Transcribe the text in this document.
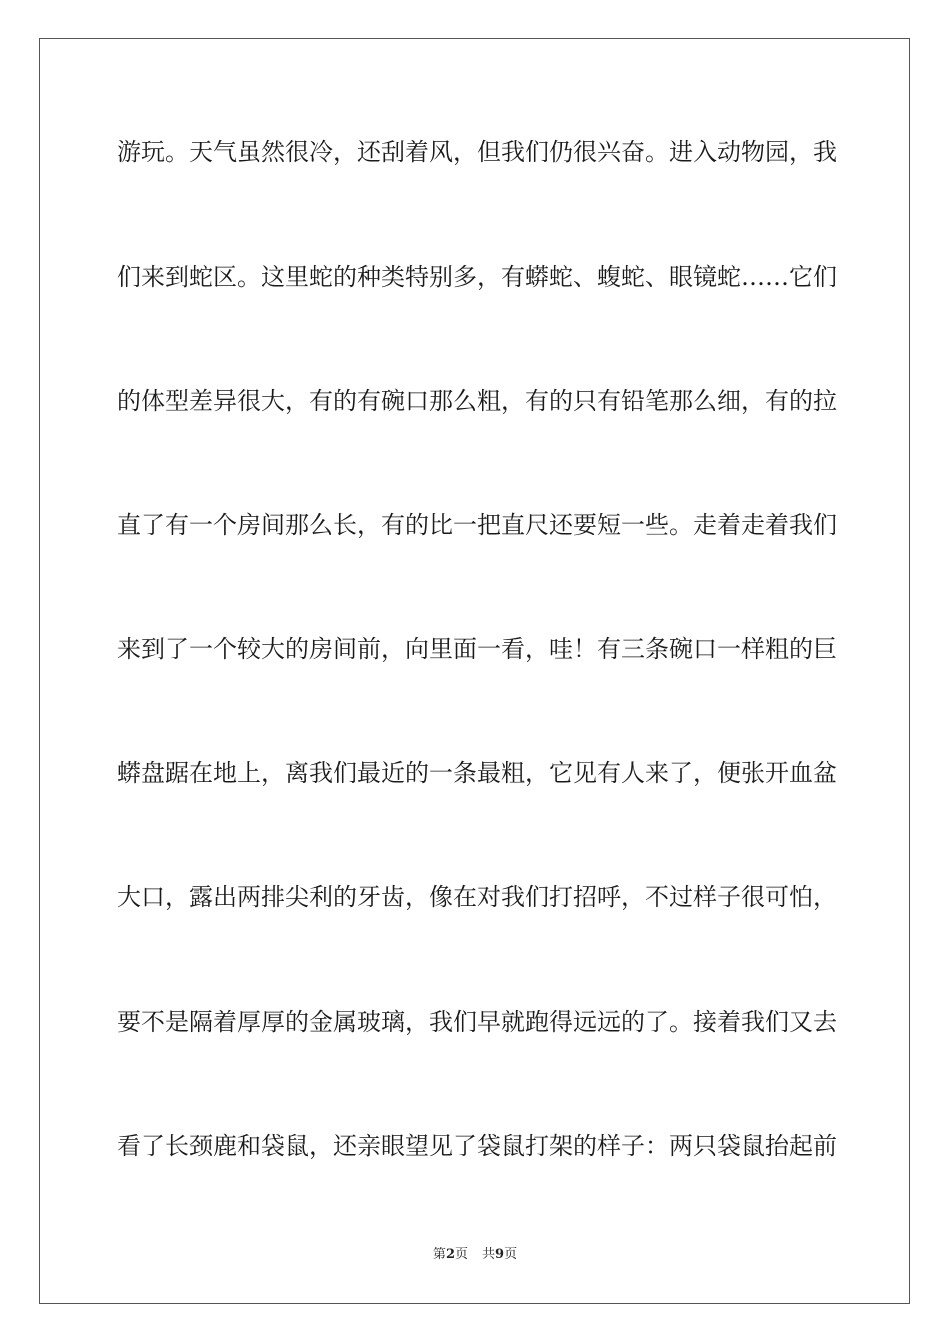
游玩。天气虽然很冷，还刮着风，但我们仍很兴奋。进入动物园，我
们来到蛇区。这里蛇的种类特别多，有蟒蛇、蝮蛇、眼镜蛇……它们
的体型差异很大，有的有碗口那么粗，有的只有铅笔那么细，有的拉
直了有一个房间那么长，有的比一把直尺还要短一些。走着走着我们
来到了一个较大的房间前，向里面一看，哇！有三条碗口一样粗的巨
蟒盘踞在地上，离我们最近的一条最粗，它见有人来了，便张开血盆
大口，露出两排尖利的牙齿，像在对我们打招呼，不过样子很可怕，
要不是隔着厚厚的金属玻璃，我们早就跑得远远的了。接着我们又去
看了长颈鹿和袋鼠，还亲眼望见了袋鼠打架的样子：两只袋鼠抬起前
第2页 共9页
